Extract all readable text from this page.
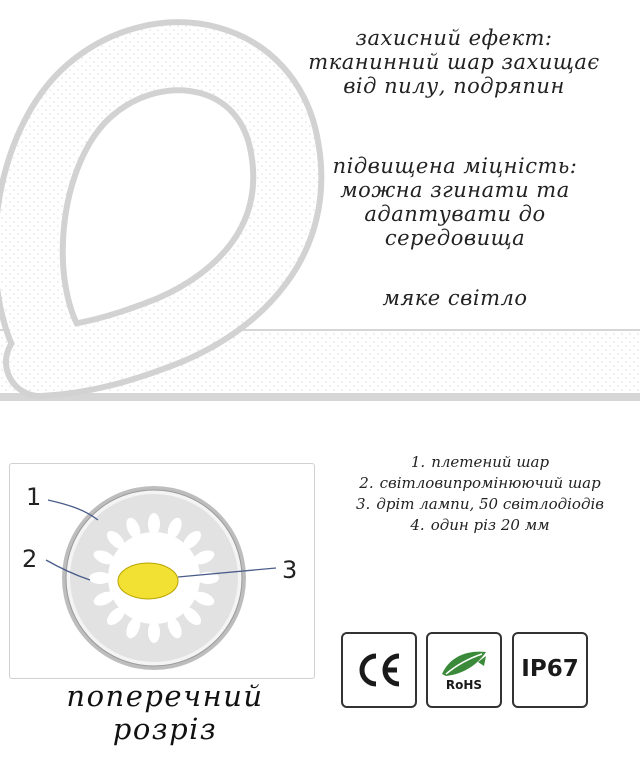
захисний ефект:

тканинний шар захищає

від пилу, подряпин

підвищена міцність:

можна згинати та

адаптувати до

середовища

мяке світло

1
2	3
1. плетений шар
2. світловипромінюючий шар
3. дріт лампи, 50 світлодіодів
4. один різ 20 мм

поперечний

розріз

RoHS
IP67
